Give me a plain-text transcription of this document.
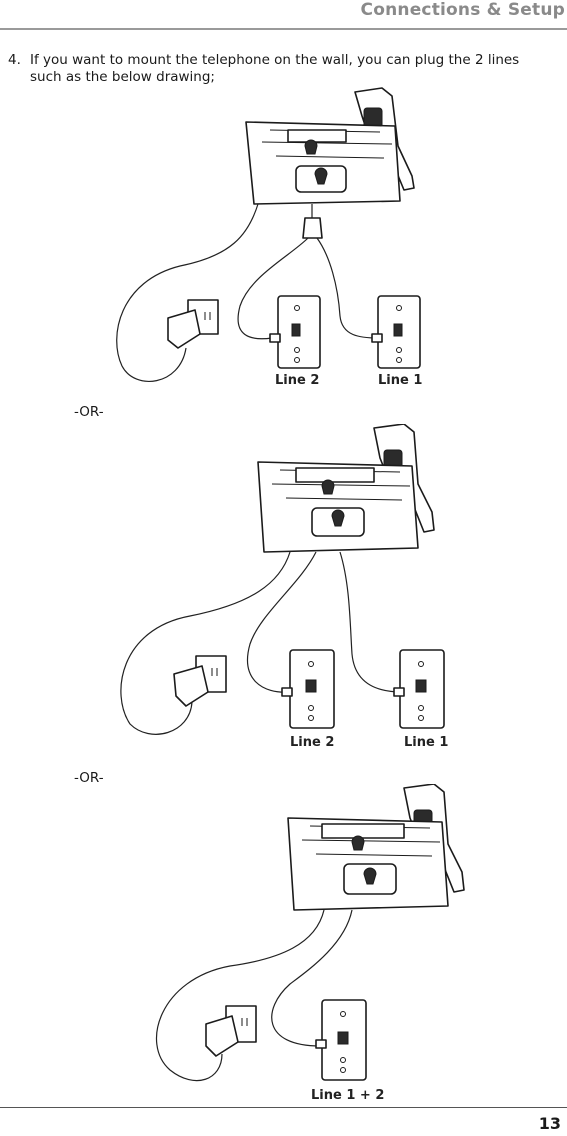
Connections & Setup
4. If you want to mount the telephone on the wall, you can plug the 2 lines such as the below drawing;
Line 2	Line 1
-OR-
Line 2	Line 1
-OR-
Line 1 + 2
13
